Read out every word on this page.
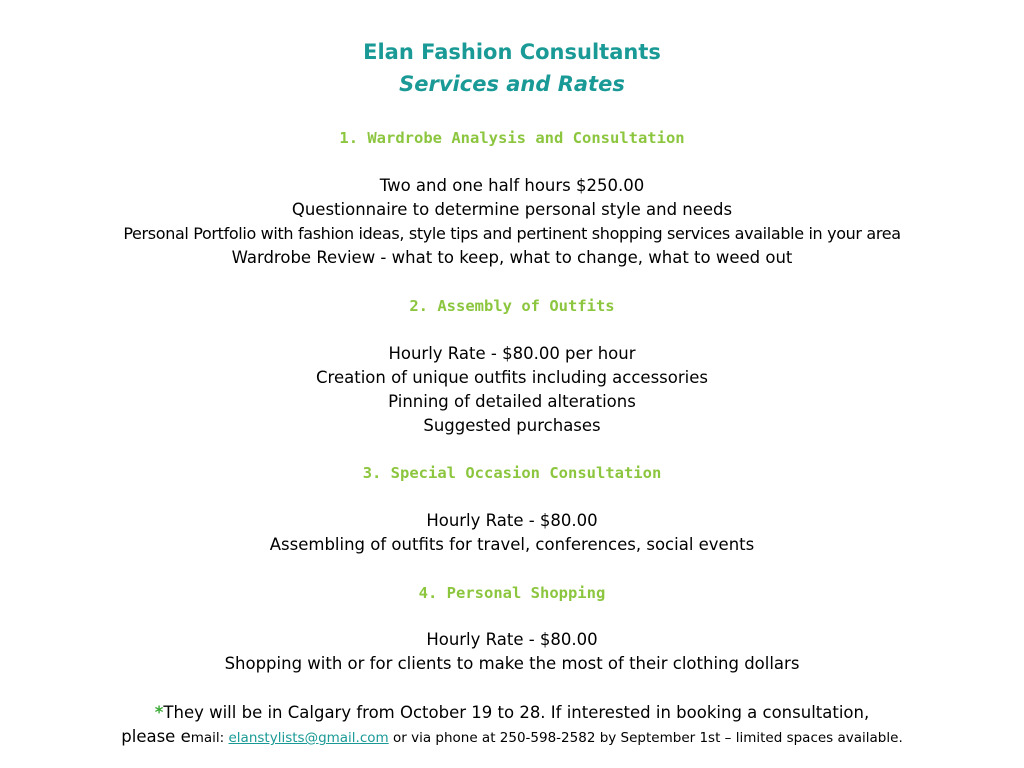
Elan Fashion Consultants
Services and Rates
1. Wardrobe Analysis and Consultation
Two and one half hours $250.00
Questionnaire to determine personal style and needs
Personal Portfolio with fashion ideas, style tips and pertinent shopping services available in your area
Wardrobe Review - what to keep, what to change, what to weed out
2. Assembly of Outfits
Hourly Rate - $80.00 per hour
Creation of unique outfits including accessories
Pinning of detailed alterations
Suggested purchases
3. Special Occasion Consultation
Hourly Rate - $80.00
Assembling of outfits for travel, conferences, social events
4. Personal Shopping
Hourly Rate - $80.00
Shopping with or for clients to make the most of their clothing dollars
*They will be in Calgary from October 19 to 28. If interested in booking a consultation,
please email: elanstylists@gmail.com or via phone at 250-598-2582 by September 1st – limited spaces available.
